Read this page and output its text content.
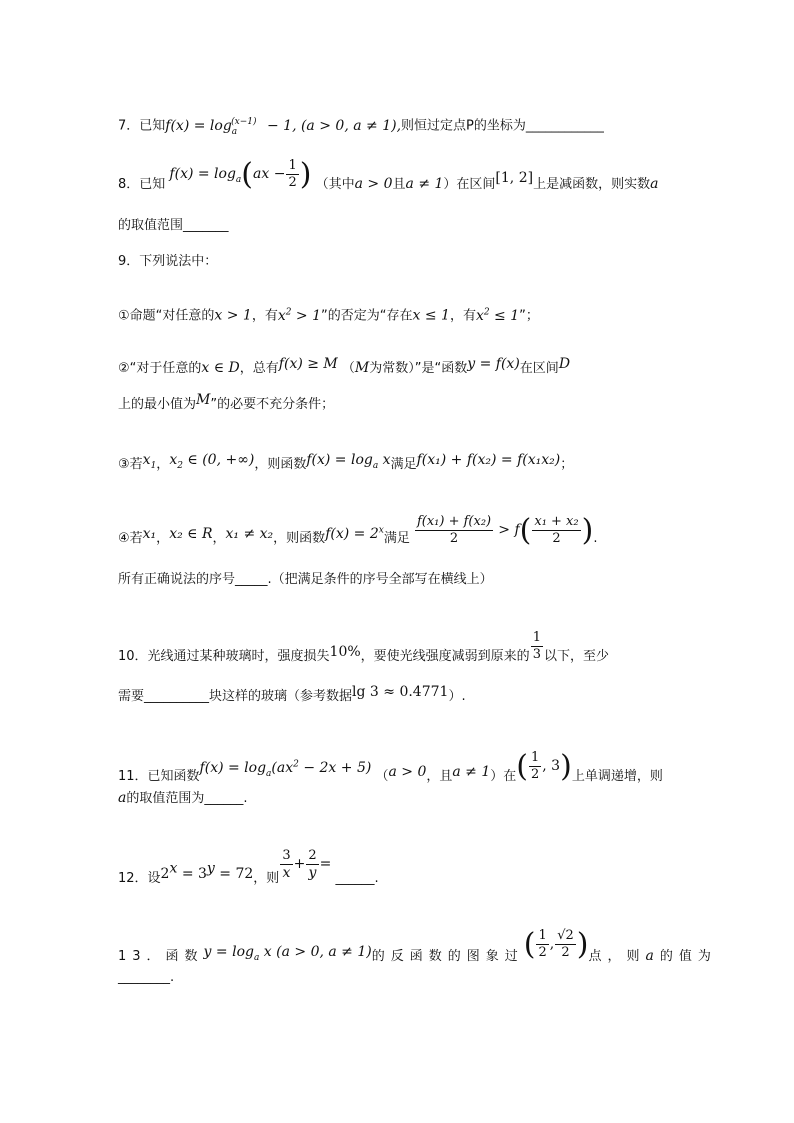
7．已知$f(x) = \log_a^{(x-1)} - 1$, (a > 0, a ≠ 1),则恒过定点P的坐标为____________
8．已知 $f(x) = \log_a(ax - \frac{1}{2}$ ) （其中a > 0且a ≠ 1）在区间[1, 2]上是减函数，则实数a
的取值范围_______
9．下列说法中：
①命题“对任意的x > 1，有$x^2 > 1$”的否定为“存在x ≤ 1，有$x^2 \le 1$”；
②“对于任意的x ∈ D，总有f(x) ≥ M （M为常数）”是“函数y = f(x)在区间D
上的最小值为M”的必要不充分条件；
③若$x_1$，$x_2$ ∈ (0, +∞)，则函数$f(x) = \log_a x$满足f(x₁) + f(x₂) = f(x₁x₂)；
④若x₁，x₂ ∈ R，x₁ ≠ x₂，则函数$f(x) = 2^x$满足 $\frac{\text{f(x₁) + f(x₂)}}{2} > f( \frac{\text{x₁ + x₂}}{2}$ ).
所有正确说法的序号_____.（把满足条件的序号全部写在横线上）
10．光线通过某种玻璃时，强度损失10%，要使光线强度减弱到原来的 $\frac{1}{3}$ 以下，至少
需要__________块这样的玻璃（参考数据lg 3 ≈ 0.4771）.
11．已知函数$f(x) = \log_a(ax^2 - 2x + 5) (a > 0$，且a ≠ 1）在( $\frac{1}{2}$ , 3)上单调递增，则
a的取值范围为______.
12．设$2^x = 3^y = 72$，则 $\frac{3}{x} + \frac{2}{y}$ = ______.
13．函数$y = \log_a x$ (a > 0, a ≠ 1)的反函数的图象过( $\frac{1}{2}$ , $\frac{√2}{2}$ )点，则a的值为
________.
